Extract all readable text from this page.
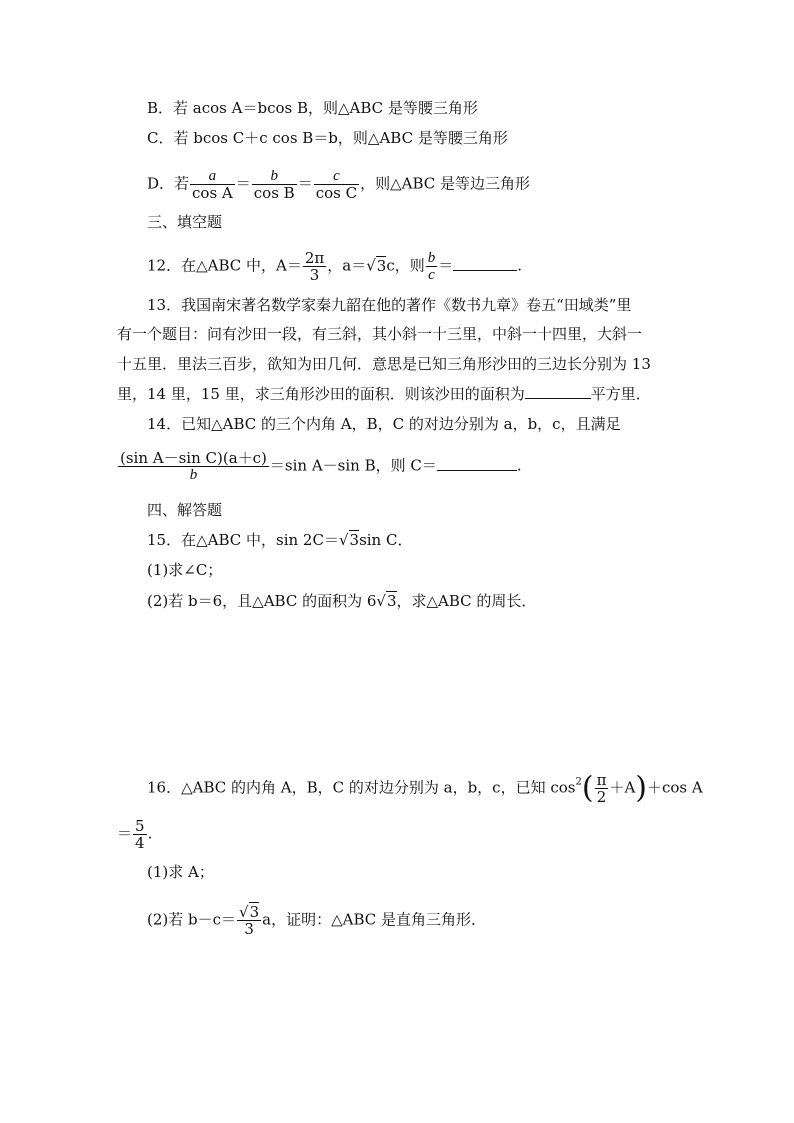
B．若 acos A＝bcos B，则△ABC 是等腰三角形
C．若 bcos C＋c cos B＝b，则△ABC 是等腰三角形
D．若 $\frac{a}{\text{cos A}} = \frac{b}{\text{cos B}} = \frac{c}{\text{cos C}}$ ，则△ABC 是等边三角形
三、填空题
12．在△ABC 中，$A= \frac{2\pi}{3}$ ，a＝√3c，则 $\frac{b}{c}$ ＝	.
13．我国南宋著名数学家秦九韶在他的著作《数书九章》卷五“田域类”里
有一个题目：问有沙田一段，有三斜，其小斜一十三里，中斜一十四里，大斜一
十五里．里法三百步，欲知为田几何．意思是已知三角形沙田的三边长分别为 13
里，14 里，15 里，求三角形沙田的面积．则该沙田的面积为	平方里．
14．已知△ABC 的三个内角 A，B，C 的对边分别为 a，b，c，且满足
$\frac{\text{(sin A－sin C)(a＋c)}}{b} =\sin$ A－sin B，则 C＝	.
四、解答题
15．在△ABC 中，sin 2C＝√3sin C．
(1)求∠C；
(2)若 b＝6，且△ABC 的面积为 6√3，求△ABC 的周长．
16．△ABC 的内角 A，B，C 的对边分别为 a，b，c，已知 $\cos^2( \frac{\pi}{2} +A)+\cos$ A
＝ $\frac{5}{4}$ .
(1)求 A；
(2)若 $b-c= \frac{√3}{3}$ a，证明：△ABC 是直角三角形．
